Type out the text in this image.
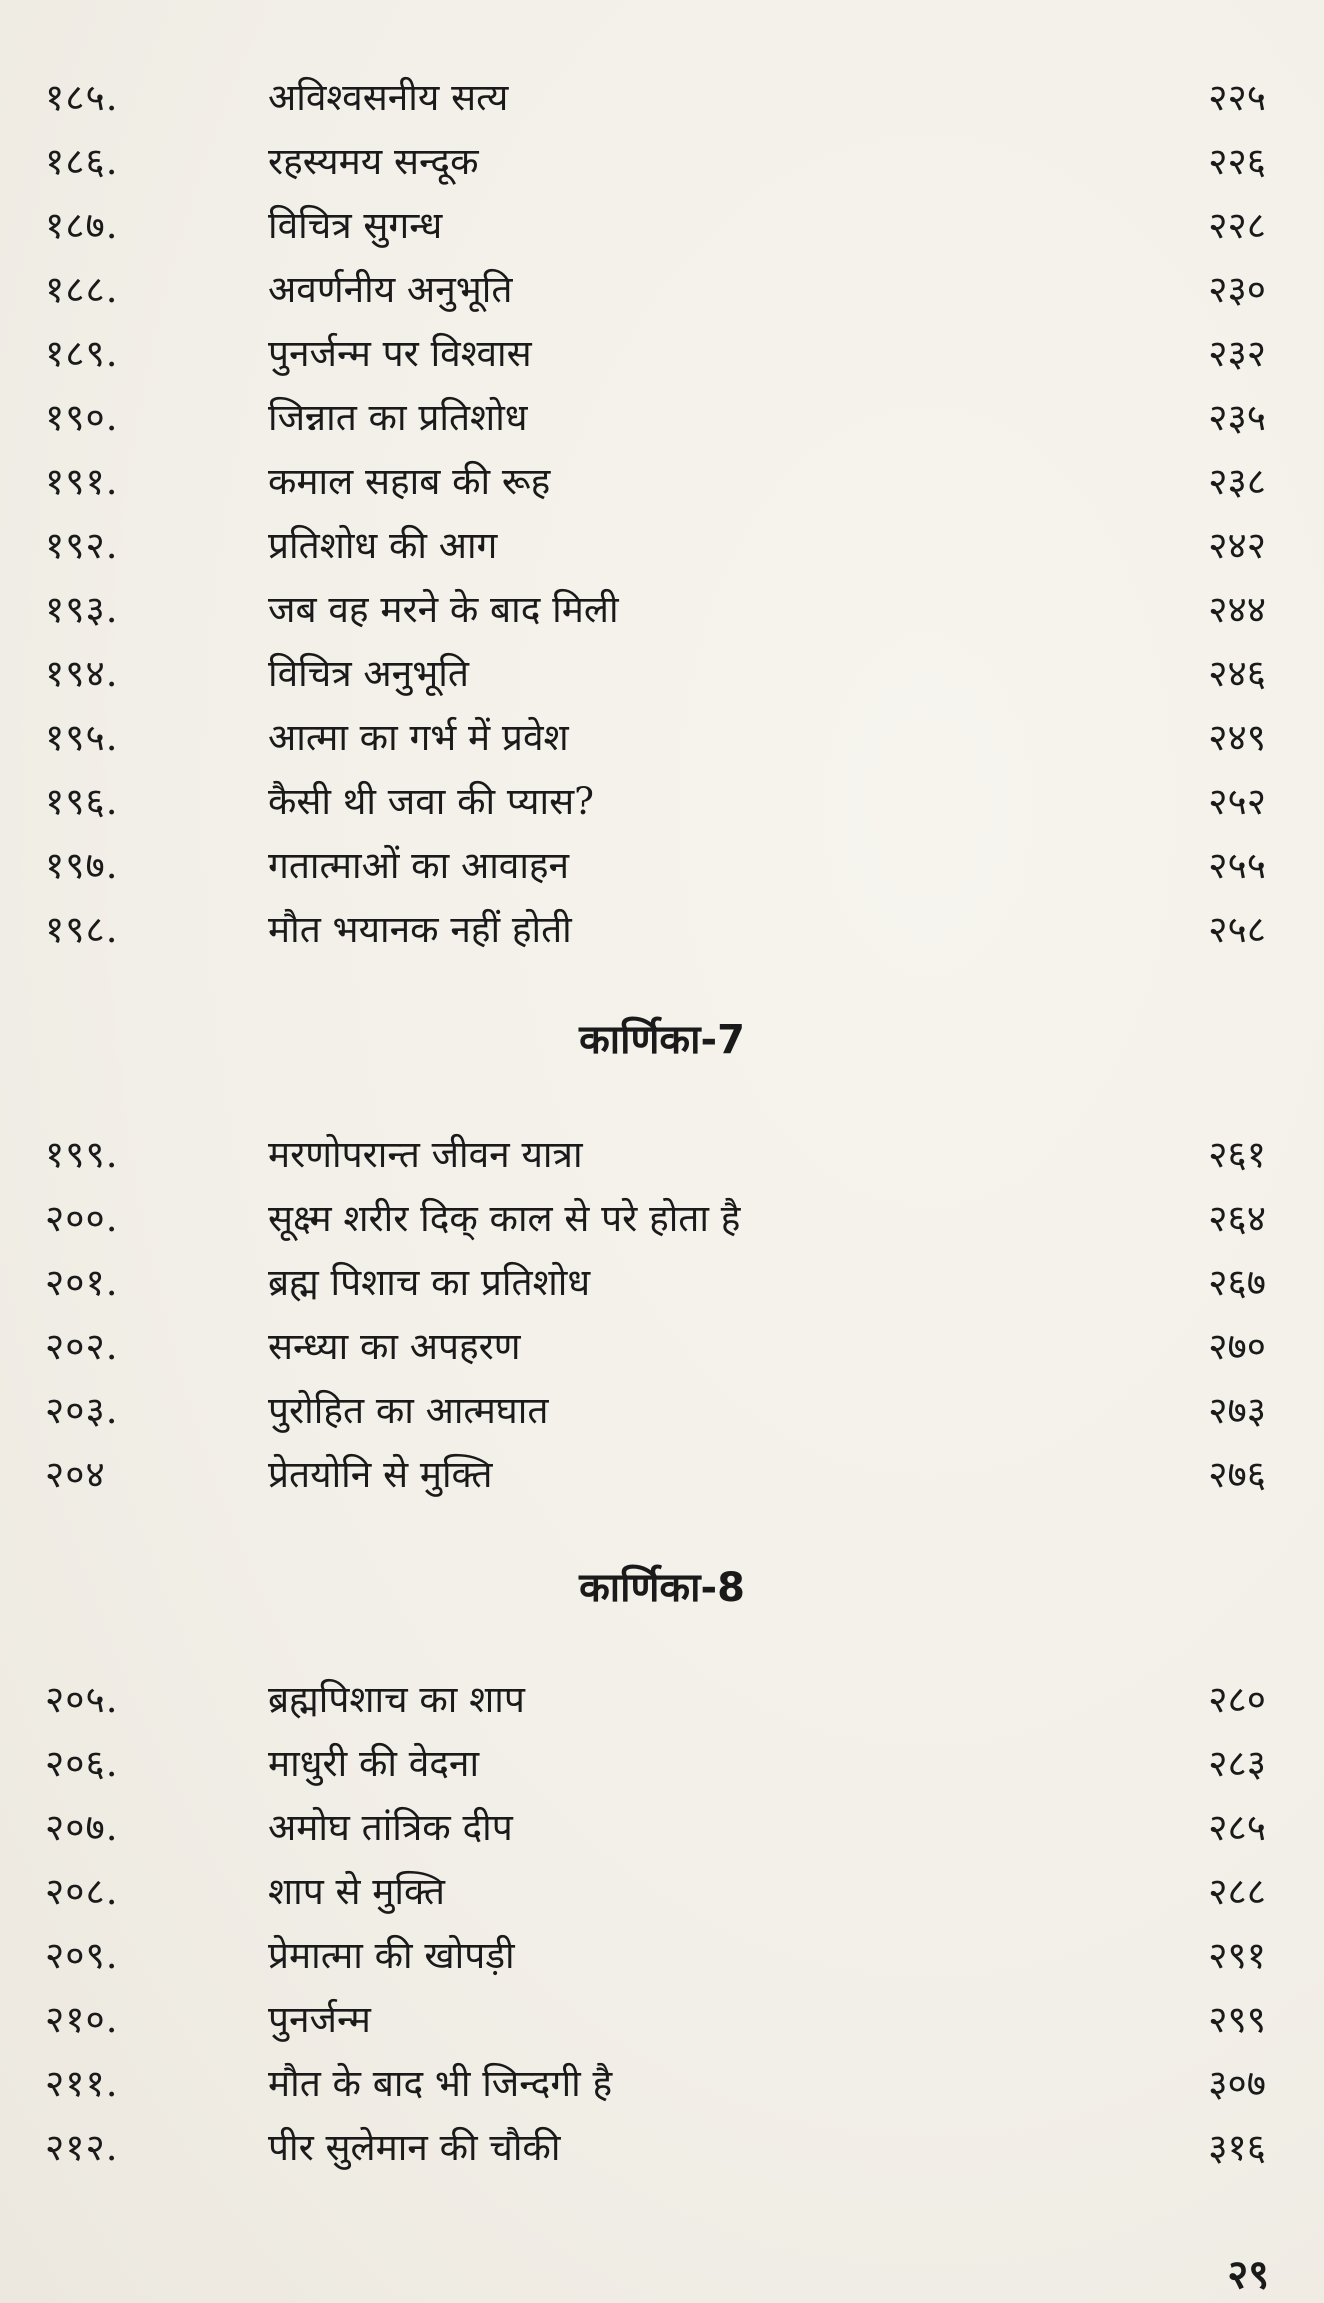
१८५.	अविश्वसनीय सत्य	२२५
१८६.	रहस्यमय सन्दूक	२२६
१८७.	विचित्र सुगन्ध	२२८
१८८.	अवर्णनीय अनुभूति	२३०
१८९.	पुनर्जन्म पर विश्वास	२३२
१९०.	जिन्नात का प्रतिशोध	२३५
१९१.	कमाल सहाब की रूह	२३८
१९२.	प्रतिशोध की आग	२४२
१९३.	जब वह मरने के बाद मिली	२४४
१९४.	विचित्र अनुभूति	२४६
१९५.	आत्मा का गर्भ में प्रवेश	२४९
१९६.	कैसी थी जवा की प्यास?	२५२
१९७.	गतात्माओं का आवाहन	२५५
१९८.	मौत भयानक नहीं होती	२५८
कार्णिका-7
१९९.	मरणोपरान्त जीवन यात्रा	२६१
२००.	सूक्ष्म शरीर दिक् काल से परे होता है	२६४
२०१.	ब्रह्म पिशाच का प्रतिशोध	२६७
२०२.	सन्ध्या का अपहरण	२७०
२०३.	पुरोहित का आत्मघात	२७३
२०४	प्रेतयोनि से मुक्ति	२७६
कार्णिका-8
२०५.	ब्रह्मपिशाच का शाप	२८०
२०६.	माधुरी की वेदना	२८३
२०७.	अमोघ तांत्रिक दीप	२८५
२०८.	शाप से मुक्ति	२८८
२०९.	प्रेमात्मा की खोपड़ी	२९१
२१०.	पुनर्जन्म	२९९
२११.	मौत के बाद भी जिन्दगी है	३०७
२१२.	पीर सुलेमान की चौकी	३१६
२९
